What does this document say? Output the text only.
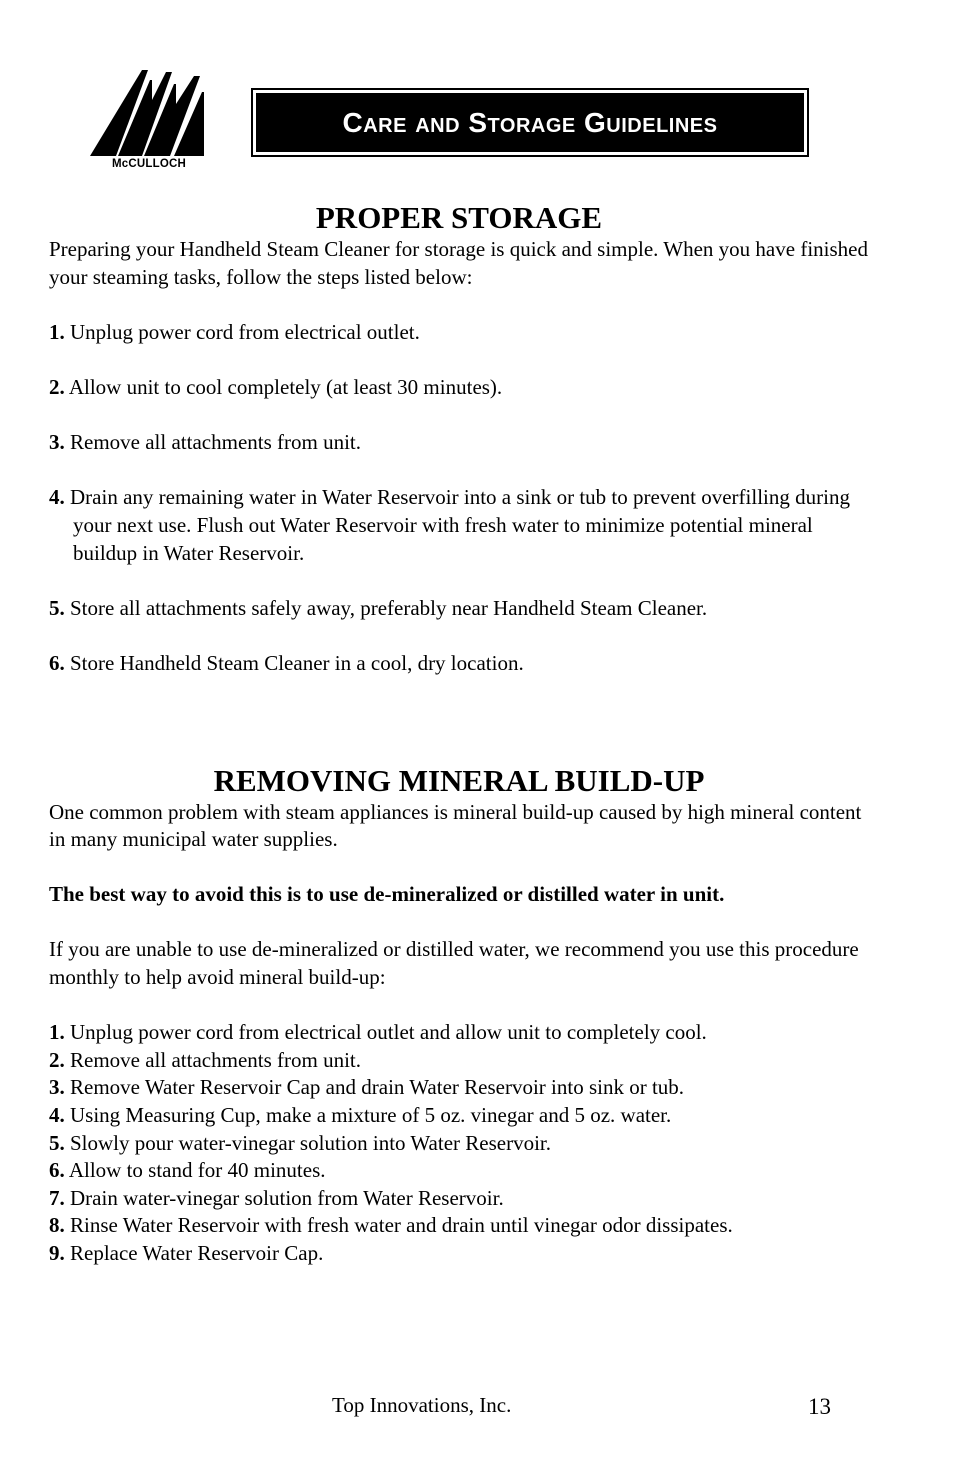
McCULLOCH
Care and Storage Guidelines
PROPER STORAGE

Preparing your Handheld Steam Cleaner for storage is quick and simple. When you have finished your steaming tasks, follow the steps listed below:

1. Unplug power cord from electrical outlet.
2. Allow unit to cool completely (at least 30 minutes).
3. Remove all attachments from unit.
4. Drain any remaining water in Water Reservoir into a sink or tub to prevent overfilling during your next use. Flush out Water Reservoir with fresh water to minimize potential mineral buildup in Water Reservoir.
5. Store all attachments safely away, preferably near Handheld Steam Cleaner.
6. Store Handheld Steam Cleaner in a cool, dry location.
REMOVING MINERAL BUILD-UP

One common problem with steam appliances is mineral build-up caused by high mineral content in many municipal water supplies.

The best way to avoid this is to use de-mineralized or distilled water in unit.

If you are unable to use de-mineralized or distilled water, we recommend you use this procedure monthly to help avoid mineral build-up:

1. Unplug power cord from electrical outlet and allow unit to completely cool.
2. Remove all attachments from unit.
3. Remove Water Reservoir Cap and drain Water Reservoir into sink or tub.
4. Using Measuring Cup, make a mixture of 5 oz. vinegar and 5 oz. water.
5. Slowly pour water-vinegar solution into Water Reservoir.
6. Allow to stand for 40 minutes.
7. Drain water-vinegar solution from Water Reservoir.
8. Rinse Water Reservoir with fresh water and drain until vinegar odor dissipates.
9. Replace Water Reservoir Cap.
Top Innovations, Inc.	13
